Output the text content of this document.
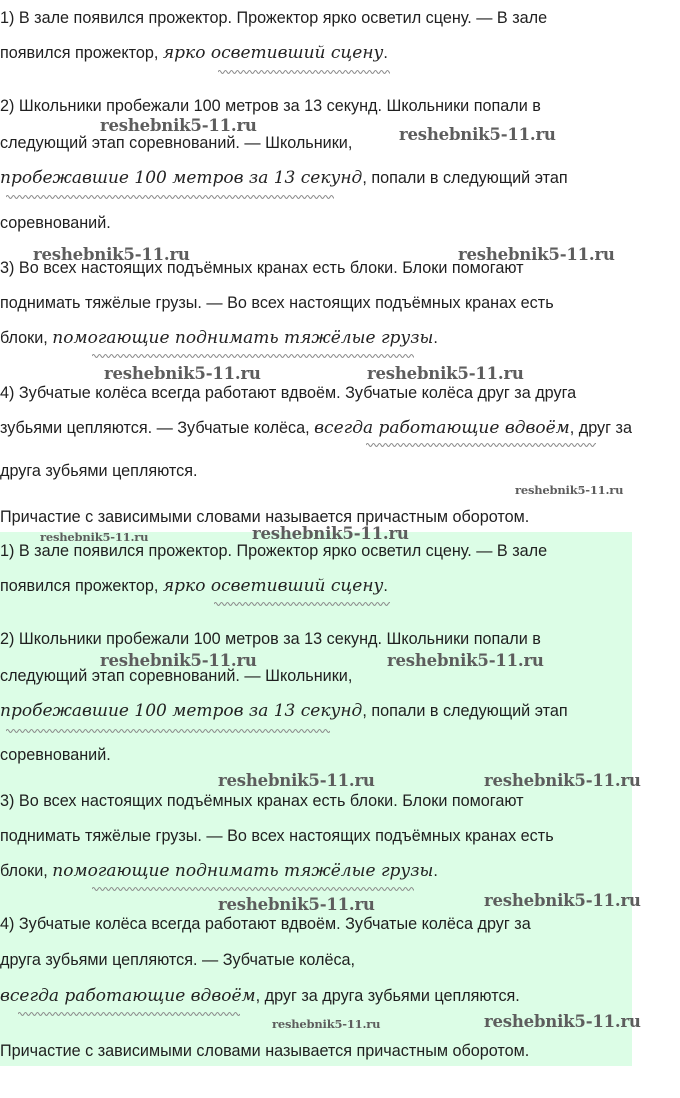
1) В зале появился прожектор. Прожектор ярко осветил сцену. — В зале
появился прожектор, ярко осветивший сцену.
2) Школьники пробежали 100 метров за 13 секунд. Школьники попали в
следующий этап соревнований. — Школьники,
пробежавшие 100 метров за 13 секунд, попали в следующий этап
соревнований.
3) Во всех настоящих подъёмных кранах есть блоки. Блоки помогают
поднимать тяжёлые грузы. — Во всех настоящих подъёмных кранах есть
блоки, помогающие поднимать тяжёлые грузы.
4) Зубчатые колёса всегда работают вдвоём. Зубчатые колёса друг за друга
зубьями цепляются. — Зубчатые колёса, всегда работающие вдвоём, друг за
друга зубьями цепляются.
Причастие с зависимыми словами называется причастным оборотом.
1) В зале появился прожектор. Прожектор ярко осветил сцену. — В зале
появился прожектор, ярко осветивший сцену.
2) Школьники пробежали 100 метров за 13 секунд. Школьники попали в
следующий этап соревнований. — Школьники,
пробежавшие 100 метров за 13 секунд, попали в следующий этап
соревнований.
3) Во всех настоящих подъёмных кранах есть блоки. Блоки помогают
поднимать тяжёлые грузы. — Во всех настоящих подъёмных кранах есть
блоки, помогающие поднимать тяжёлые грузы.
4) Зубчатые колёса всегда работают вдвоём. Зубчатые колёса друг за
друга зубьями цепляются. — Зубчатые колёса,
всегда работающие вдвоём, друг за друга зубьями цепляются.
Причастие с зависимыми словами называется причастным оборотом.
reshebnik5-11.ru	reshebnik5-11.ru
reshebnik5-11.ru	reshebnik5-11.ru
reshebnik5-11.ru	reshebnik5-11.ru
reshebnik5-11.ru
reshebnik5-11.ru	reshebnik5-11.ru
reshebnik5-11.ru	reshebnik5-11.ru
reshebnik5-11.ru	reshebnik5-11.ru
reshebnik5-11.ru	reshebnik5-11.ru
reshebnik5-11.ru	reshebnik5-11.ru
